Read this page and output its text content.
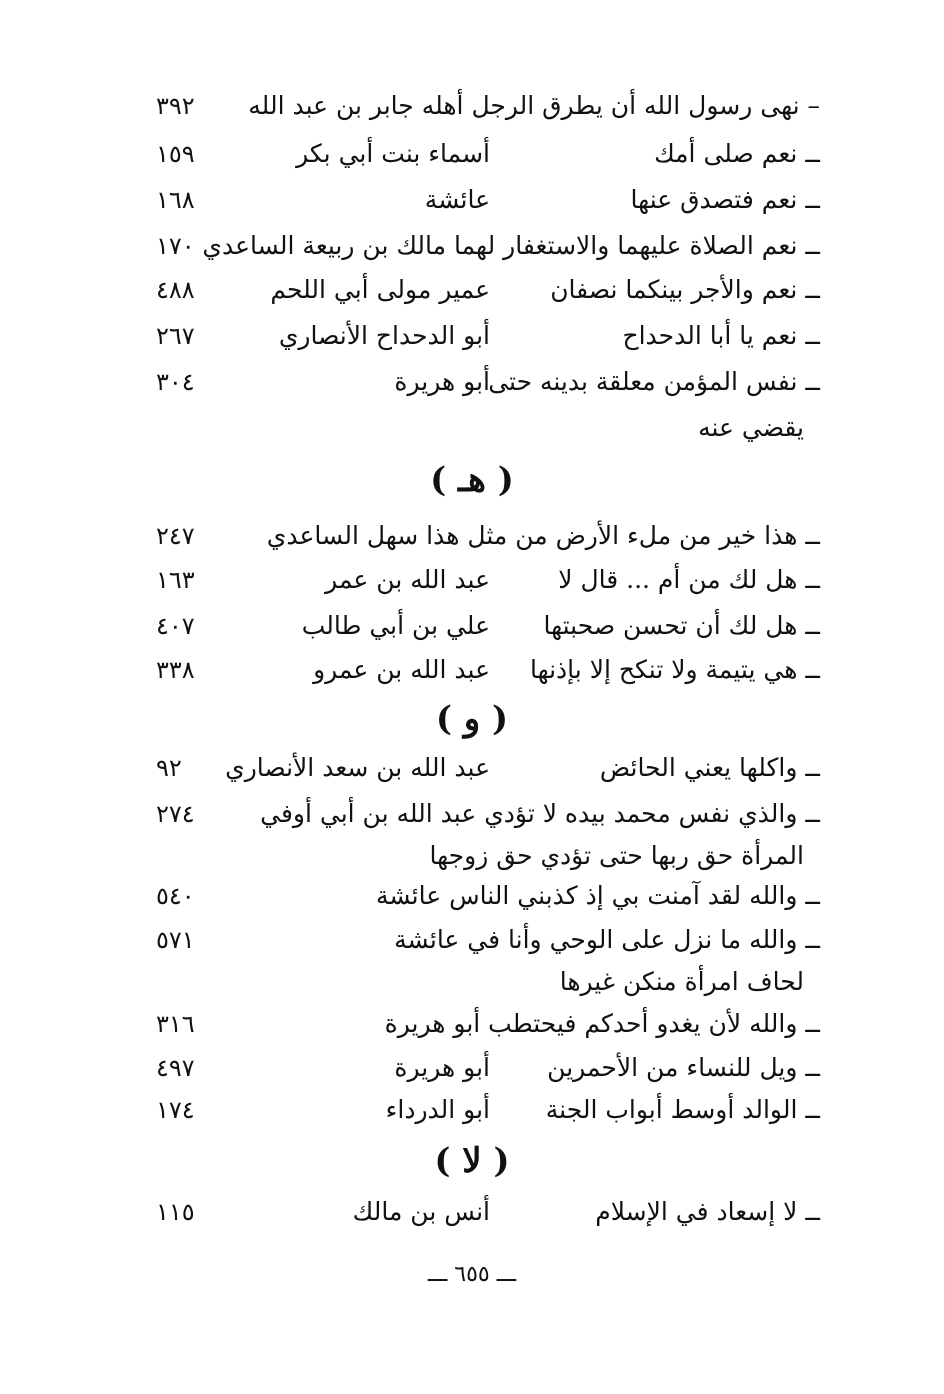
– نهى رسول الله أن يطرق الرجل أهله جابر بن عبد الله
٣٩٢
ــ نعم صلى أمك
أسماء بنت أبي بكر
١٥٩
ــ نعم فتصدق عنها
عائشة
١٦٨
ــ نعم الصلاة عليهما والاستغفار لهما مالك بن ربيعة الساعدي
١٧٠
ــ نعم والأجر بينكما نصفان
عمير مولى أبي اللحم
٤٨٨
ــ نعم يا أبا الدحداح
أبو الدحداح الأنصاري
٢٦٧
ــ نفس المؤمن معلقة بدينه حتى
أبو هريرة
٣٠٤
يقضي عنه
( هـ )
ــ هذا خير من ملء الأرض من مثل هذا سهل الساعدي
٢٤٧
ــ هل لك من أم ... قال لا
عبد الله بن عمر
١٦٣
ــ هل لك أن تحسن صحبتها
علي بن أبي طالب
٤٠٧
ــ هي يتيمة ولا تنكح إلا بإذنها
عبد الله بن عمرو
٣٣٨
( و )
ــ واكلها يعني الحائض
عبد الله بن سعد الأنصاري
٩٢
ــ والذي نفس محمد بيده لا تؤدي عبد الله بن أبي أوفي
٢٧٤
المرأة حق ربها حتى تؤدي حق زوجها
ــ والله لقد آمنت بي إذ كذبني الناس عائشة
٥٤٠
ــ والله ما نزل على الوحي وأنا في عائشة
٥٧١
لحاف امرأة منكن غيرها
ــ والله لأن يغدو أحدكم فيحتطب أبو هريرة
٣١٦
ــ ويل للنساء من الأحمرين
أبو هريرة
٤٩٧
ــ الوالد أوسط أبواب الجنة
أبو الدرداء
١٧٤
( لا )
ــ لا إسعاد في الإسلام
أنس بن مالك
١١٥
ـــ ٦٥٥ ـــ
